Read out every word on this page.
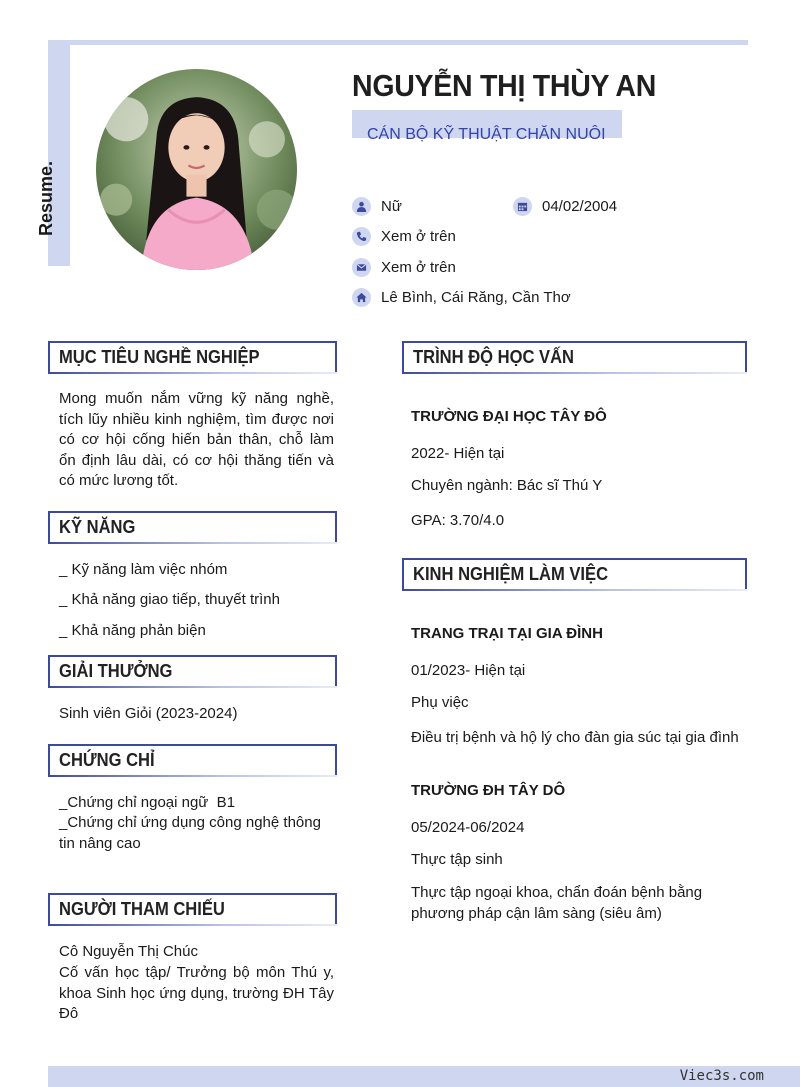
Resume.
NGUYỄN THỊ THÙY AN
CÁN BỘ KỸ THUẬT CHĂN NUÔI
Nữ	04/02/2004
Xem ở trên
Xem ở trên
Lê Bình, Cái Răng, Cần Thơ
MỤC TIÊU NGHỀ NGHIỆP
Mong muốn nắm vững kỹ năng nghề, tích lũy nhiều kinh nghiệm, tìm được nơi có cơ hội cống hiến bản thân, chỗ làm ổn định lâu dài, có cơ hội thăng tiến và có mức lương tốt.
KỸ NĂNG
_ Kỹ năng làm việc nhóm
_ Khả năng giao tiếp, thuyết trình
_ Khả năng phản biện
GIẢI THƯỞNG
Sinh viên Giỏi (2023-2024)
CHỨNG CHỈ
_Chứng chỉ ngoại ngữ  B1
_Chứng chỉ ứng dụng công nghệ thông tin nâng cao
NGƯỜI THAM CHIẾU
Cô Nguyễn Thị Chúc
Cố vấn học tập/ Trưởng bộ môn Thú y, khoa Sinh học ứng dụng, trường ĐH Tây Đô
TRÌNH ĐỘ HỌC VẤN
TRƯỜNG ĐẠI HỌC TÂY ĐÔ
2022- Hiện tại
Chuyên ngành: Bác sĩ Thú Y
GPA: 3.70/4.0
KINH NGHIỆM LÀM VIỆC
TRANG TRẠI TẠI GIA ĐÌNH
01/2023- Hiện tại
Phụ việc
Điều trị bệnh và hộ lý cho đàn gia súc tại gia đình
TRƯỜNG ĐH TÂY DÔ
05/2024-06/2024
Thực tập sinh
Thực tập ngoại khoa, chẩn đoán bệnh bằng phương pháp cận lâm sàng (siêu âm)
Viec3s.com
